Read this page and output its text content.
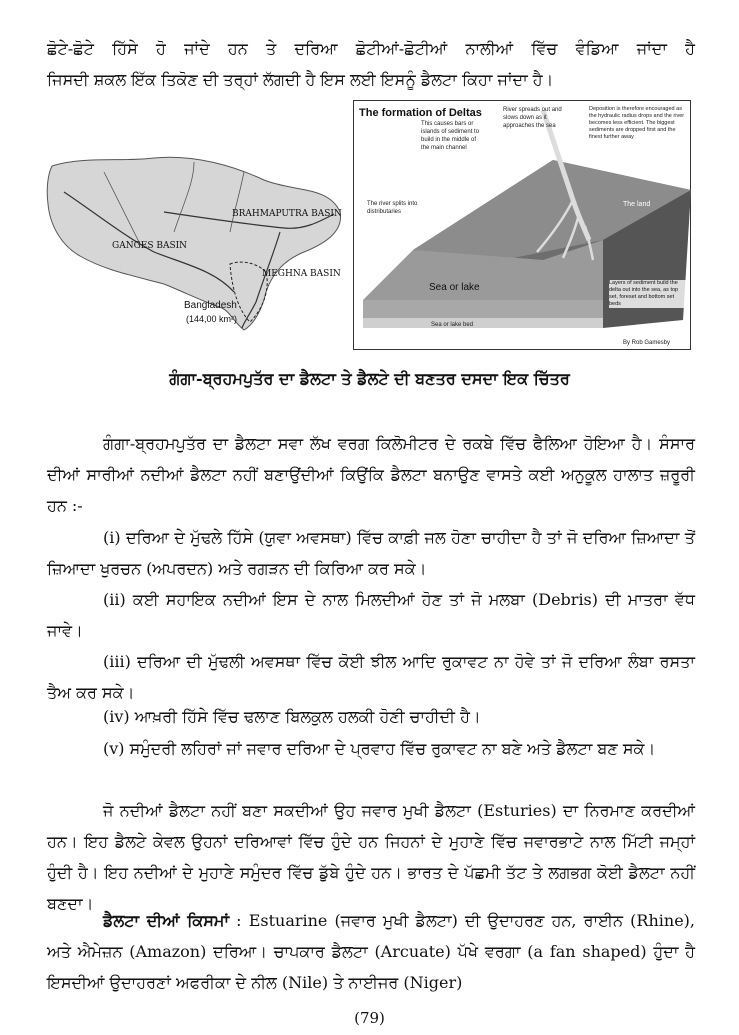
ਛੋਟੇ-ਛੋਟੇ ਹਿੱਸੇ ਹੋ ਜਾਂਦੇ ਹਨ ਤੇ ਦਰਿਆ ਛੋਟੀਆਂ-ਛੋਟੀਆਂ ਨਾਲੀਆਂ ਵਿੱਚ ਵੰਡਿਆ ਜਾਂਦਾ ਹੈ
ਜਿਸਦੀ ਸ਼ਕਲ ਇੱਕ ਤਿਕੋਣ ਦੀ ਤਰ੍ਹਾਂ ਲੱਗਦੀ ਹੈ ਇਸ ਲਈ ਇਸਨੂੰ ਡੈਲਟਾ ਕਿਹਾ ਜਾਂਦਾ ਹੈ।
BRAHMAPUTRA BASIN
GANGES BASIN
MEGHNA BASIN
Bangladesh
(144,00 km²)
The formation of Deltas
This causes bars or islands of sediment to build in the middle of the main channel
River spreads out and slows down as it approaches the sea
Deposition is therefore encouraged as the hydraulic radius drops and the river becomes less efficient. The biggest sediments are dropped first and the finest further away
The river splits into distributaries
The land
Layers of sediment build the delta out into the sea, as top set, foreset and bottom set beds
Sea or lake
Sea or lake bed
By Rob Gamesby
ਗੰਗਾ-ਬ੍ਰਹਮਪੁਤੱਰ ਦਾ ਡੈਲਟਾ ਤੇ ਡੈਲਟੇ ਦੀ ਬਣਤਰ ਦਸਦਾ ਇਕ ਚਿੱਤਰ
ਗੰਗਾ-ਬ੍ਰਹਮਪੁਤੱਰ ਦਾ ਡੈਲਟਾ ਸਵਾ ਲੱਖ ਵਰਗ ਕਿਲੋਮੀਟਰ ਦੇ ਰਕਬੇ ਵਿੱਚ ਫੈਲਿਆ ਹੋਇਆ ਹੈ। ਸੰਸਾਰ ਦੀਆਂ ਸਾਰੀਆਂ ਨਦੀਆਂ ਡੈਲਟਾ ਨਹੀਂ ਬਣਾਉਂਦੀਆਂ ਕਿਉਂਕਿ ਡੈਲਟਾ ਬਨਾਉਣ ਵਾਸਤੇ ਕਈ ਅਨੁਕੂਲ ਹਾਲਾਤ ਜ਼ਰੂਰੀ ਹਨ :-
(i) ਦਰਿਆ ਦੇ ਮੁੱਢਲੇ ਹਿੱਸੇ (ਯੁਵਾ ਅਵਸਥਾ) ਵਿੱਚ ਕਾਫ਼ੀ ਜਲ ਹੋਣਾ ਚਾਹੀਦਾ ਹੈ ਤਾਂ ਜੋ ਦਰਿਆ ਜ਼ਿਆਦਾ ਤੋਂ ਜ਼ਿਆਦਾ ਖੁਰਚਨ (ਅਪਰਦਨ) ਅਤੇ ਰਗੜਨ ਦੀ ਕਿਰਿਆ ਕਰ ਸਕੇ।
(ii) ਕਈ ਸਹਾਇਕ ਨਦੀਆਂ ਇਸ ਦੇ ਨਾਲ ਮਿਲਦੀਆਂ ਹੋਣ ਤਾਂ ਜੋ ਮਲਬਾ (Debris) ਦੀ ਮਾਤਰਾ ਵੱਧ ਜਾਵੇ।
(iii) ਦਰਿਆ ਦੀ ਮੁੱਢਲੀ ਅਵਸਥਾ ਵਿੱਚ ਕੋਈ ਝੀਲ ਆਦਿ ਰੁਕਾਵਟ ਨਾ ਹੋਵੇ ਤਾਂ ਜੋ ਦਰਿਆ ਲੰਬਾ ਰਸਤਾ ਤੈਅ ਕਰ ਸਕੇ।
(iv) ਆਖ਼ਰੀ ਹਿੱਸੇ ਵਿੱਚ ਢਲਾਣ ਬਿਲਕੁਲ ਹਲਕੀ ਹੋਣੀ ਚਾਹੀਦੀ ਹੈ।
(v) ਸਮੁੰਦਰੀ ਲਹਿਰਾਂ ਜਾਂ ਜਵਾਰ ਦਰਿਆ ਦੇ ਪ੍ਰਵਾਹ ਵਿੱਚ ਰੁਕਾਵਟ ਨਾ ਬਣੇ ਅਤੇ ਡੈਲਟਾ ਬਣ ਸਕੇ।
ਜੋ ਨਦੀਆਂ ਡੈਲਟਾ ਨਹੀਂ ਬਣਾ ਸਕਦੀਆਂ ਉਹ ਜਵਾਰ ਮੁਖੀ ਡੈਲਟਾ (Esturies) ਦਾ ਨਿਰਮਾਣ ਕਰਦੀਆਂ ਹਨ। ਇਹ ਡੈਲਟੇ ਕੇਵਲ ਉਹਨਾਂ ਦਰਿਆਵਾਂ ਵਿੱਚ ਹੁੰਦੇ ਹਨ ਜਿਹਨਾਂ ਦੇ ਮੁਹਾਣੇ ਵਿੱਚ ਜਵਾਰਭਾਟੇ ਨਾਲ ਮਿੱਟੀ ਜਮ੍ਹਾਂ ਹੁੰਦੀ ਹੈ। ਇਹ ਨਦੀਆਂ ਦੇ ਮੁਹਾਣੇ ਸਮੁੰਦਰ ਵਿੱਚ ਡੁੱਬੇ ਹੁੰਦੇ ਹਨ। ਭਾਰਤ ਦੇ ਪੱਛਮੀ ਤੱਟ ਤੇ ਲਗਭਗ ਕੋਈ ਡੈਲਟਾ ਨਹੀਂ ਬਣਦਾ।
ਡੈਲਟਾ ਦੀਆਂ ਕਿਸਮਾਂ : Estuarine (ਜਵਾਰ ਮੁਖੀ ਡੈਲਟਾ) ਦੀ ਉਦਾਹਰਣ ਹਨ, ਰਾਈਨ (Rhine), ਅਤੇ ਐਮੇਜ਼ਨ (Amazon) ਦਰਿਆ। ਚਾਪਕਾਰ ਡੈਲਟਾ (Arcuate) ਪੱਖੇ ਵਰਗਾ (a fan shaped) ਹੁੰਦਾ ਹੈ ਇਸਦੀਆਂ ਉਦਾਹਰਣਾਂ ਅਫਰੀਕਾ ਦੇ ਨੀਲ (Nile) ਤੇ ਨਾਈਜਰ (Niger)
(79)
